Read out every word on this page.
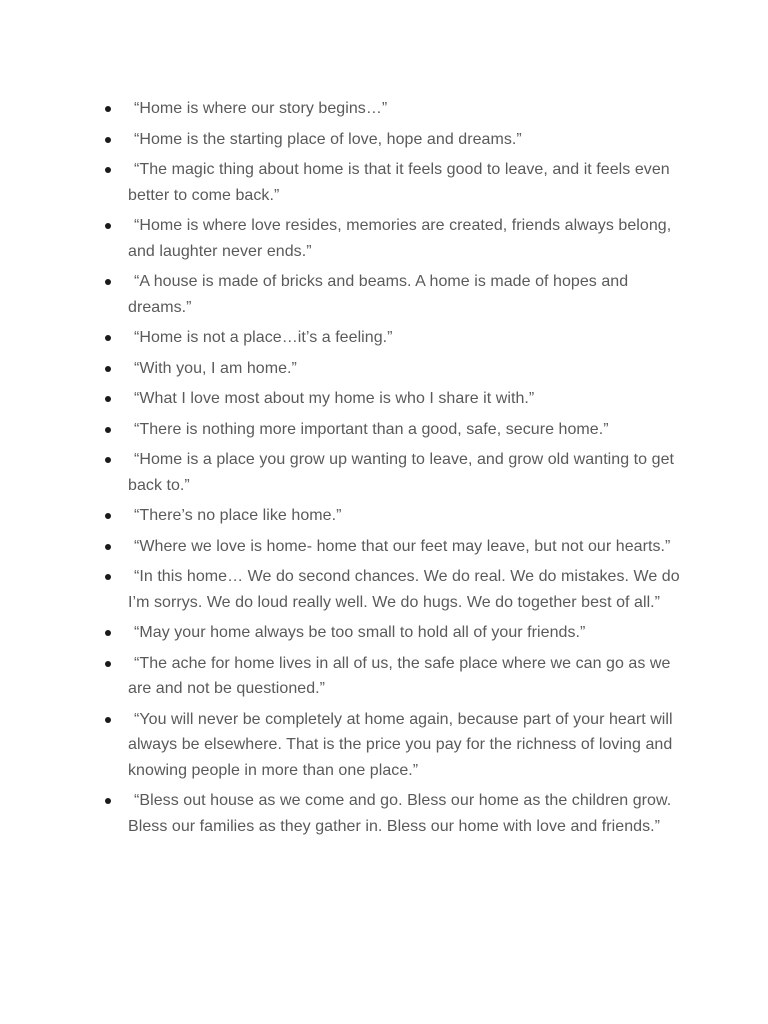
“Home is where our story begins…”
“Home is the starting place of love, hope and dreams.”
“The magic thing about home is that it feels good to leave, and it feels even better to come back.”
“Home is where love resides, memories are created, friends always belong, and laughter never ends.”
“A house is made of bricks and beams. A home is made of hopes and dreams.”
“Home is not a place…it’s a feeling.”
“With you, I am home.”
“What I love most about my home is who I share it with.”
“There is nothing more important than a good, safe, secure home.”
“Home is a place you grow up wanting to leave, and grow old wanting to get back to.”
“There’s no place like home.”
“Where we love is home- home that our feet may leave, but not our hearts.”
“In this home… We do second chances. We do real. We do mistakes. We do I’m sorrys. We do loud really well. We do hugs. We do together best of all.”
“May your home always be too small to hold all of your friends.”
“The ache for home lives in all of us, the safe place where we can go as we are and not be questioned.”
“You will never be completely at home again, because part of your heart will always be elsewhere. That is the price you pay for the richness of loving and knowing people in more than one place.”
“Bless out house as we come and go. Bless our home as the children grow. Bless our families as they gather in. Bless our home with love and friends.”
